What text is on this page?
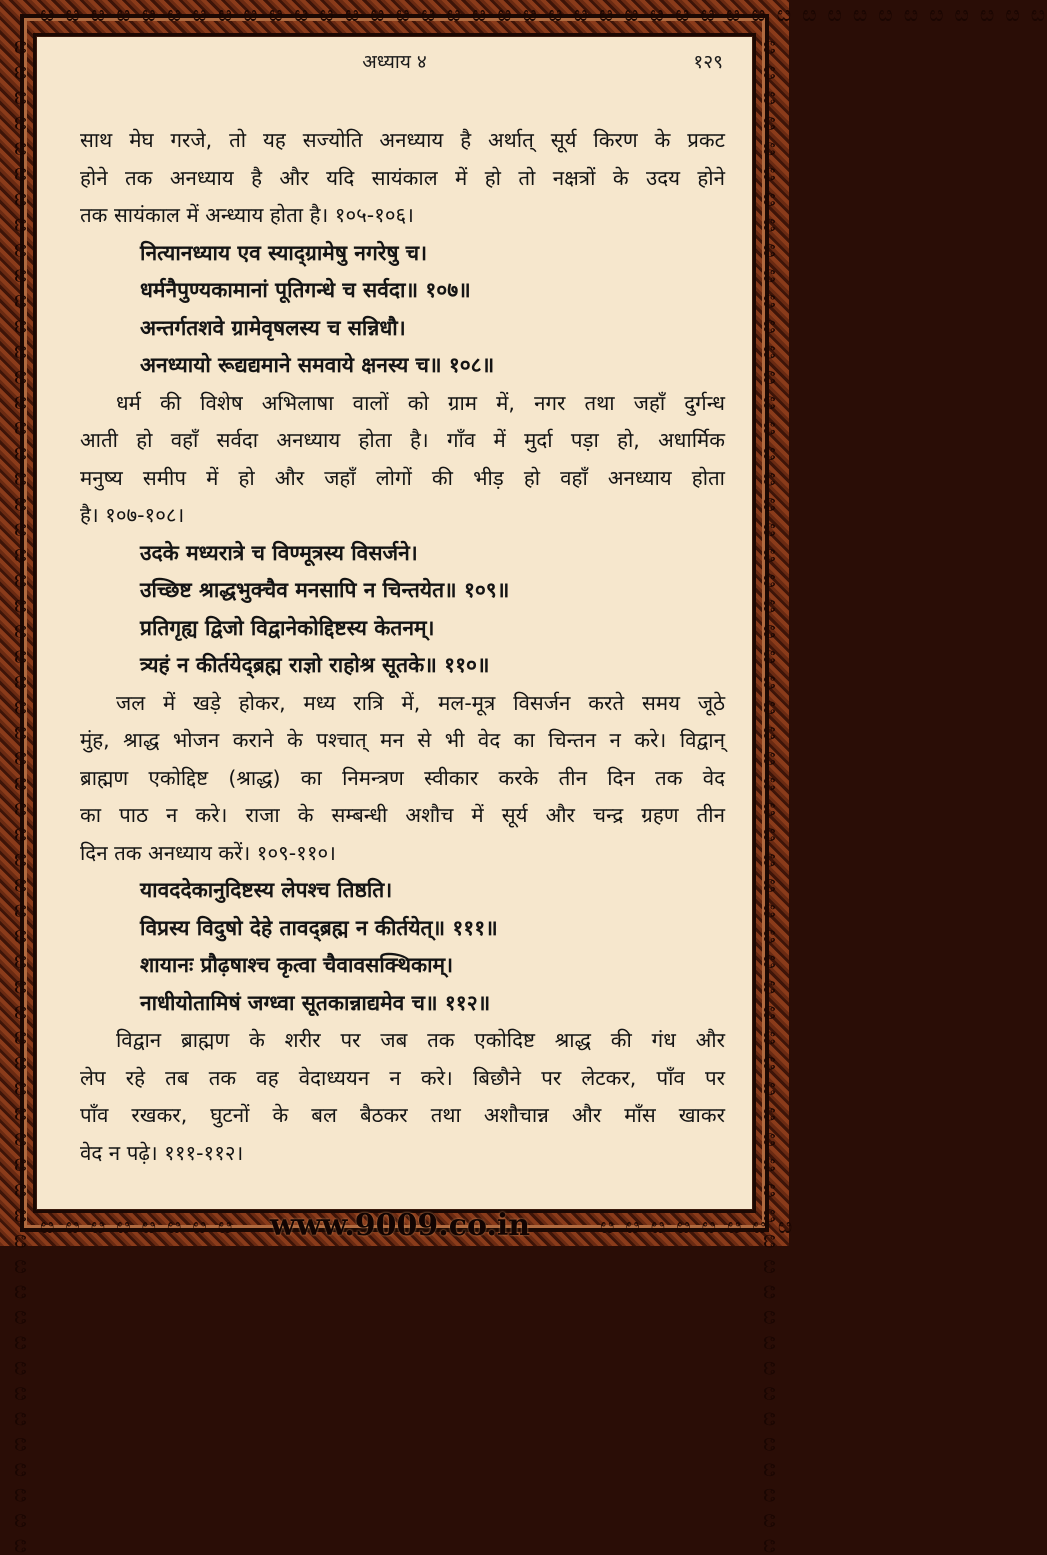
ೞ ೞ ೞ ೞ ೞ ೞ ೞ ೞ ೞ ೞ ೞ ೞ ೞ ೞ ೞ ೞ ೞ ೞ ೞ ೞ ೞ ೞ ೞ ೞ ೞ ೞ ೞ ೞ ೞ ೞ ೞ ೞ ೞ ೞ ೞ ೞ ೞ ೞ ೞ ೞ
ೞ ೞ ೞ ೞ ೞ ೞ ೞ ೞ ೞ ೞ ೞ ೞ ೞ ೞ ೞ ೞ ೞ ೞ ೞ ೞ ೞ ೞ ೞ ೞ ೞ ೞ ೞ ೞ ೞ ೞ ೞ ೞ ೞ ೞ ೞ ೞ ೞ ೞ ೞ ೞ ೞ ೞ ೞ ೞ ೞ ೞ ೞ ೞ ೞ ೞ ೞ ೞ ೞ ೞ ೞ ೞ ೞ ೞ ೞ ೞ	ೞ ೞ ೞ ೞ ೞ ೞ ೞ ೞ ೞ ೞ ೞ ೞ ೞ ೞ ೞ ೞ ೞ ೞ ೞ ೞ ೞ ೞ ೞ ೞ ೞ ೞ ೞ ೞ ೞ ೞ ೞ ೞ ೞ ೞ ೞ ೞ ೞ ೞ ೞ ೞ ೞ ೞ ೞ ೞ ೞ ೞ ೞ ೞ ೞ ೞ ೞ ೞ ೞ ೞ ೞ ೞ ೞ ೞ ೞ ೞ
ೞ ೞ ೞ ೞ ೞ ೞ ೞ ೞ	ೞ ೞ ೞ ೞ ೞ ೞ ೞ ೞ
अध्याय ४	१२९
साथ मेघ गरजे, तो यह सज्योति अनध्याय है अर्थात् सूर्य किरण के प्रकट
होने तक अनध्याय है और यदि सायंकाल में हो तो नक्षत्रों के उदय होने
तक सायंकाल में अन्ध्याय होता है। १०५-१०६।
नित्यानध्याय एव स्याद्ग्रामेषु नगरेषु च।
धर्मनैपुण्यकामानां पूतिगन्धे च सर्वदा॥ १०७॥
अन्तर्गतशवे ग्रामेवृषलस्य च सन्निधौ।
अनध्यायो रूद्यद्यमाने समवाये क्षनस्य च॥ १०८॥
धर्म की विशेष अभिलाषा वालों को ग्राम में, नगर तथा जहाँ दुर्गन्ध
आती हो वहाँ सर्वदा अनध्याय होता है। गाँव में मुर्दा पड़ा हो, अधार्मिक
मनुष्य समीप में हो और जहाँ लोगों की भीड़ हो वहाँ अनध्याय होता
है। १०७-१०८।
उदके मध्यरात्रे च विण्मूत्रस्य विसर्जने।
उच्छिष्ट श्राद्धभुक्चैव मनसापि न चिन्तयेत॥ १०९॥
प्रतिगृह्य द्विजो विद्वानेकोद्दिष्टस्य केतनम्।
त्र्यहं न कीर्तयेद्ब्रह्म राज्ञो राहोश्र सूतके॥ ११०॥
जल में खड़े होकर, मध्य रात्रि में, मल-मूत्र विसर्जन करते समय जूठे
मुंह, श्राद्ध भोजन कराने के पश्चात् मन से भी वेद का चिन्तन न करे। विद्वान्
ब्राह्मण एकोद्दिष्ट (श्राद्ध) का निमन्त्रण स्वीकार करके तीन दिन तक वेद
का पाठ न करे। राजा के सम्बन्धी अशौच में सूर्य और चन्द्र ग्रहण तीन
दिन तक अनध्याय करें। १०९-११०।
यावददेकानुदिष्टस्य लेपश्च तिष्ठति।
विप्रस्य विदुषो देहे तावद्ब्रह्म न कीर्तयेत्॥ १११॥
शायानः प्रौढ़षाश्च कृत्वा चैवावसक्थिकाम्।
नाधीयोतामिषं जग्ध्वा सूतकान्नाद्यमेव च॥ ११२॥
विद्वान ब्राह्मण के शरीर पर जब तक एकोदिष्ट श्राद्ध की गंध और
लेप रहे तब तक वह वेदाध्ययन न करे। बिछौने पर लेटकर, पाँव पर
पाँव रखकर, घुटनों के बल बैठकर तथा अशौचान्न और माँस खाकर
वेद न पढ़े। १११-११२।
www.9009.co.in
